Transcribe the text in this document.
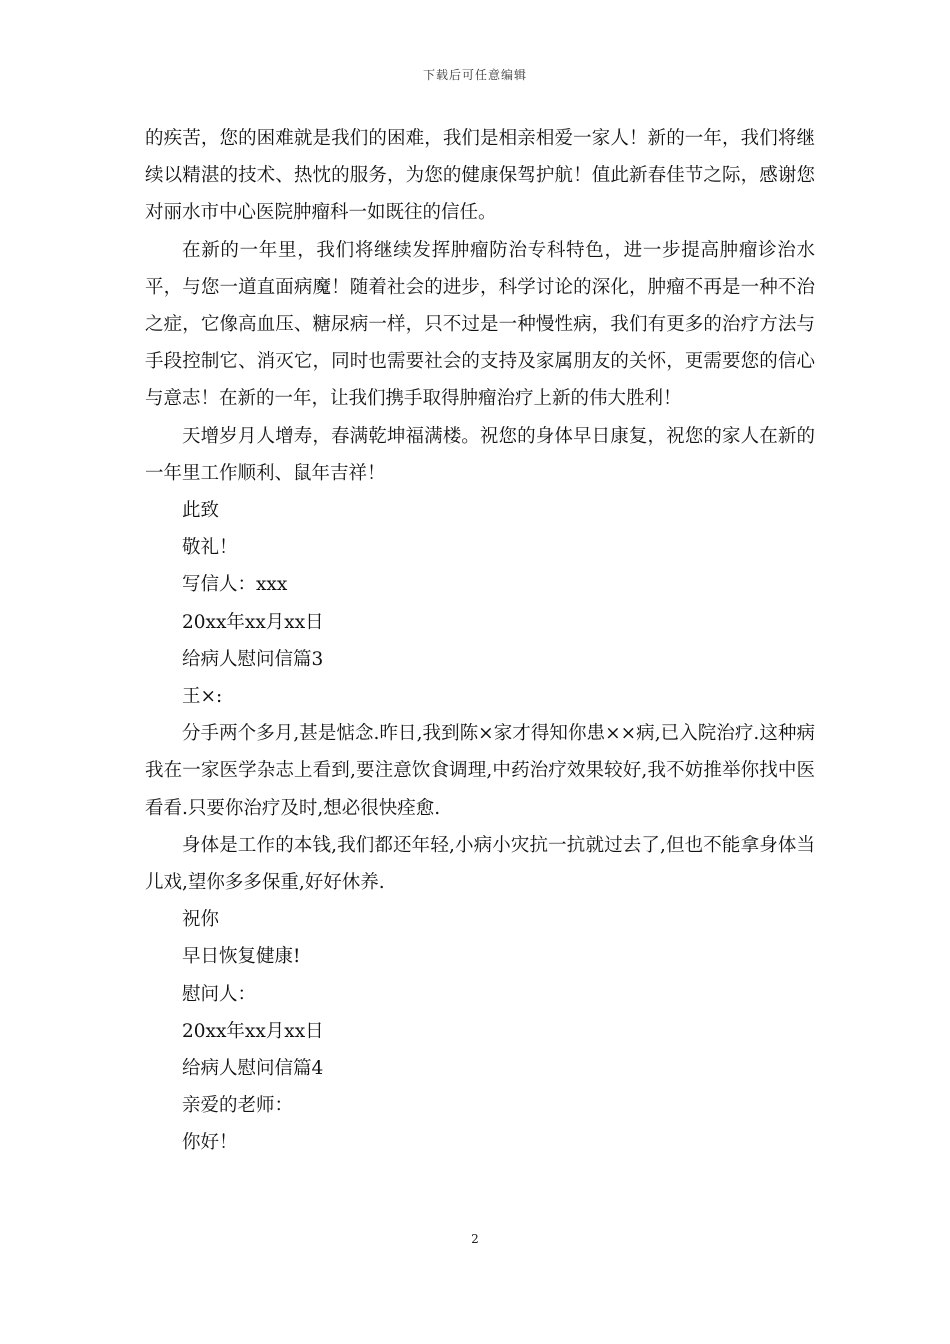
下载后可任意编辑

的疾苦，您的困难就是我们的困难，我们是相亲相爱一家人！新的一年，我们将继续以精湛的技术、热忱的服务，为您的健康保驾护航！值此新春佳节之际，感谢您对丽水市中心医院肿瘤科一如既往的信任。

在新的一年里，我们将继续发挥肿瘤防治专科特色，进一步提高肿瘤诊治水平，与您一道直面病魔！随着社会的进步，科学讨论的深化，肿瘤不再是一种不治之症，它像高血压、糖尿病一样，只不过是一种慢性病，我们有更多的治疗方法与手段控制它、消灭它，同时也需要社会的支持及家属朋友的关怀，更需要您的信心与意志！在新的一年，让我们携手取得肿瘤治疗上新的伟大胜利！

天增岁月人增寿，春满乾坤福满楼。祝您的身体早日康复，祝您的家人在新的一年里工作顺利、鼠年吉祥！

此致

敬礼！

写信人：xxx

20xx年xx月xx日

给病人慰问信篇3

王×:

分手两个多月,甚是惦念.昨日,我到陈×家才得知你患××病,已入院治疗.这种病我在一家医学杂志上看到,要注意饮食调理,中药治疗效果较好,我不妨推举你找中医看看.只要你治疗及时,想必很快痊愈.

身体是工作的本钱,我们都还年轻,小病小灾抗一抗就过去了,但也不能拿身体当儿戏,望你多多保重,好好休养.

祝你

早日恢复健康!

慰问人：

20xx年xx月xx日

给病人慰问信篇4

亲爱的老师：

你好！

2
